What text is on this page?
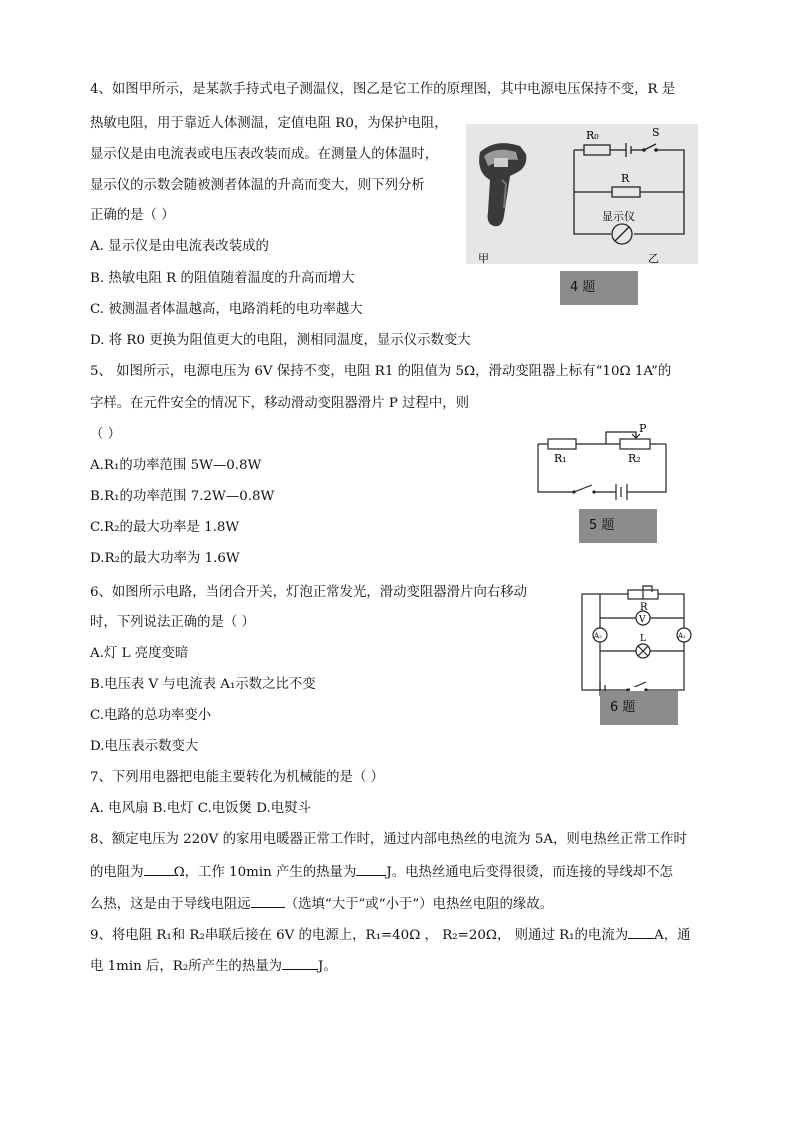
4、如图甲所示，是某款手持式电子测温仪，图乙是它工作的原理图，其中电源电压保持不变，R 是
热敏电阻，用于靠近人体测温，定值电阻 R0，为保护电阻，
显示仪是由电流表或电压表改装而成。在测量人的体温时，
显示仪的示数会随被测者体温的升高而变大，则下列分析
正确的是（ ）
A. 显示仪是由电流表改装成的
B. 热敏电阻 R 的阻值随着温度的升高而增大
C. 被测温者体温越高，电路消耗的电功率越大
D. 将 R0 更换为阻值更大的电阻，测相同温度，显示仪示数变大
甲
R₀	S
R
显示仪
乙
4 题
5、 如图所示，电源电压为 6V 保持不变，电阻 R1 的阻值为 5Ω，滑动变阻器上标有“10Ω 1A”的
字样。在元件安全的情况下，移动滑动变阻器滑片 P 过程中，则
（ ）
A.R₁的功率范围 5W—0.8W
B.R₁的功率范围 7.2W—0.8W
C.R₂的最大功率是 1.8W
D.R₂的最大功率为 1.6W
P
R₁	R₂
5 题
6、如图所示电路，当闭合开关，灯泡正常发光，滑动变阻器滑片向右移动
时，下列说法正确的是（ ）
A.灯 L 亮度变暗
B.电压表 V 与电流表 A₁示数之比不变
C.电路的总功率变小
D.电压表示数变大
R
V
L
A₂	A₁
6 题
7、下列用电器把电能主要转化为机械能的是（ ）
A. 电风扇 B.电灯 C.电饭煲 D.电熨斗
8、额定电压为 220V 的家用电暖器正常工作时，通过内部电热丝的电流为 5A，则电热丝正常工作时
的电阻为 Ω，工作 10min 产生的热量为 J。电热丝通电后变得很烫，而连接的导线却不怎
么热，这是由于导线电阻远	（选填“大于”或“小于”）电热丝电阻的缘故。
9、将电阻 R₁和 R₂串联后接在 6V 的电源上，R₁=40Ω ， R₂=20Ω， 则通过 R₁的电流为 A，通
电 1min 后，R₂所产生的热量为	J。
